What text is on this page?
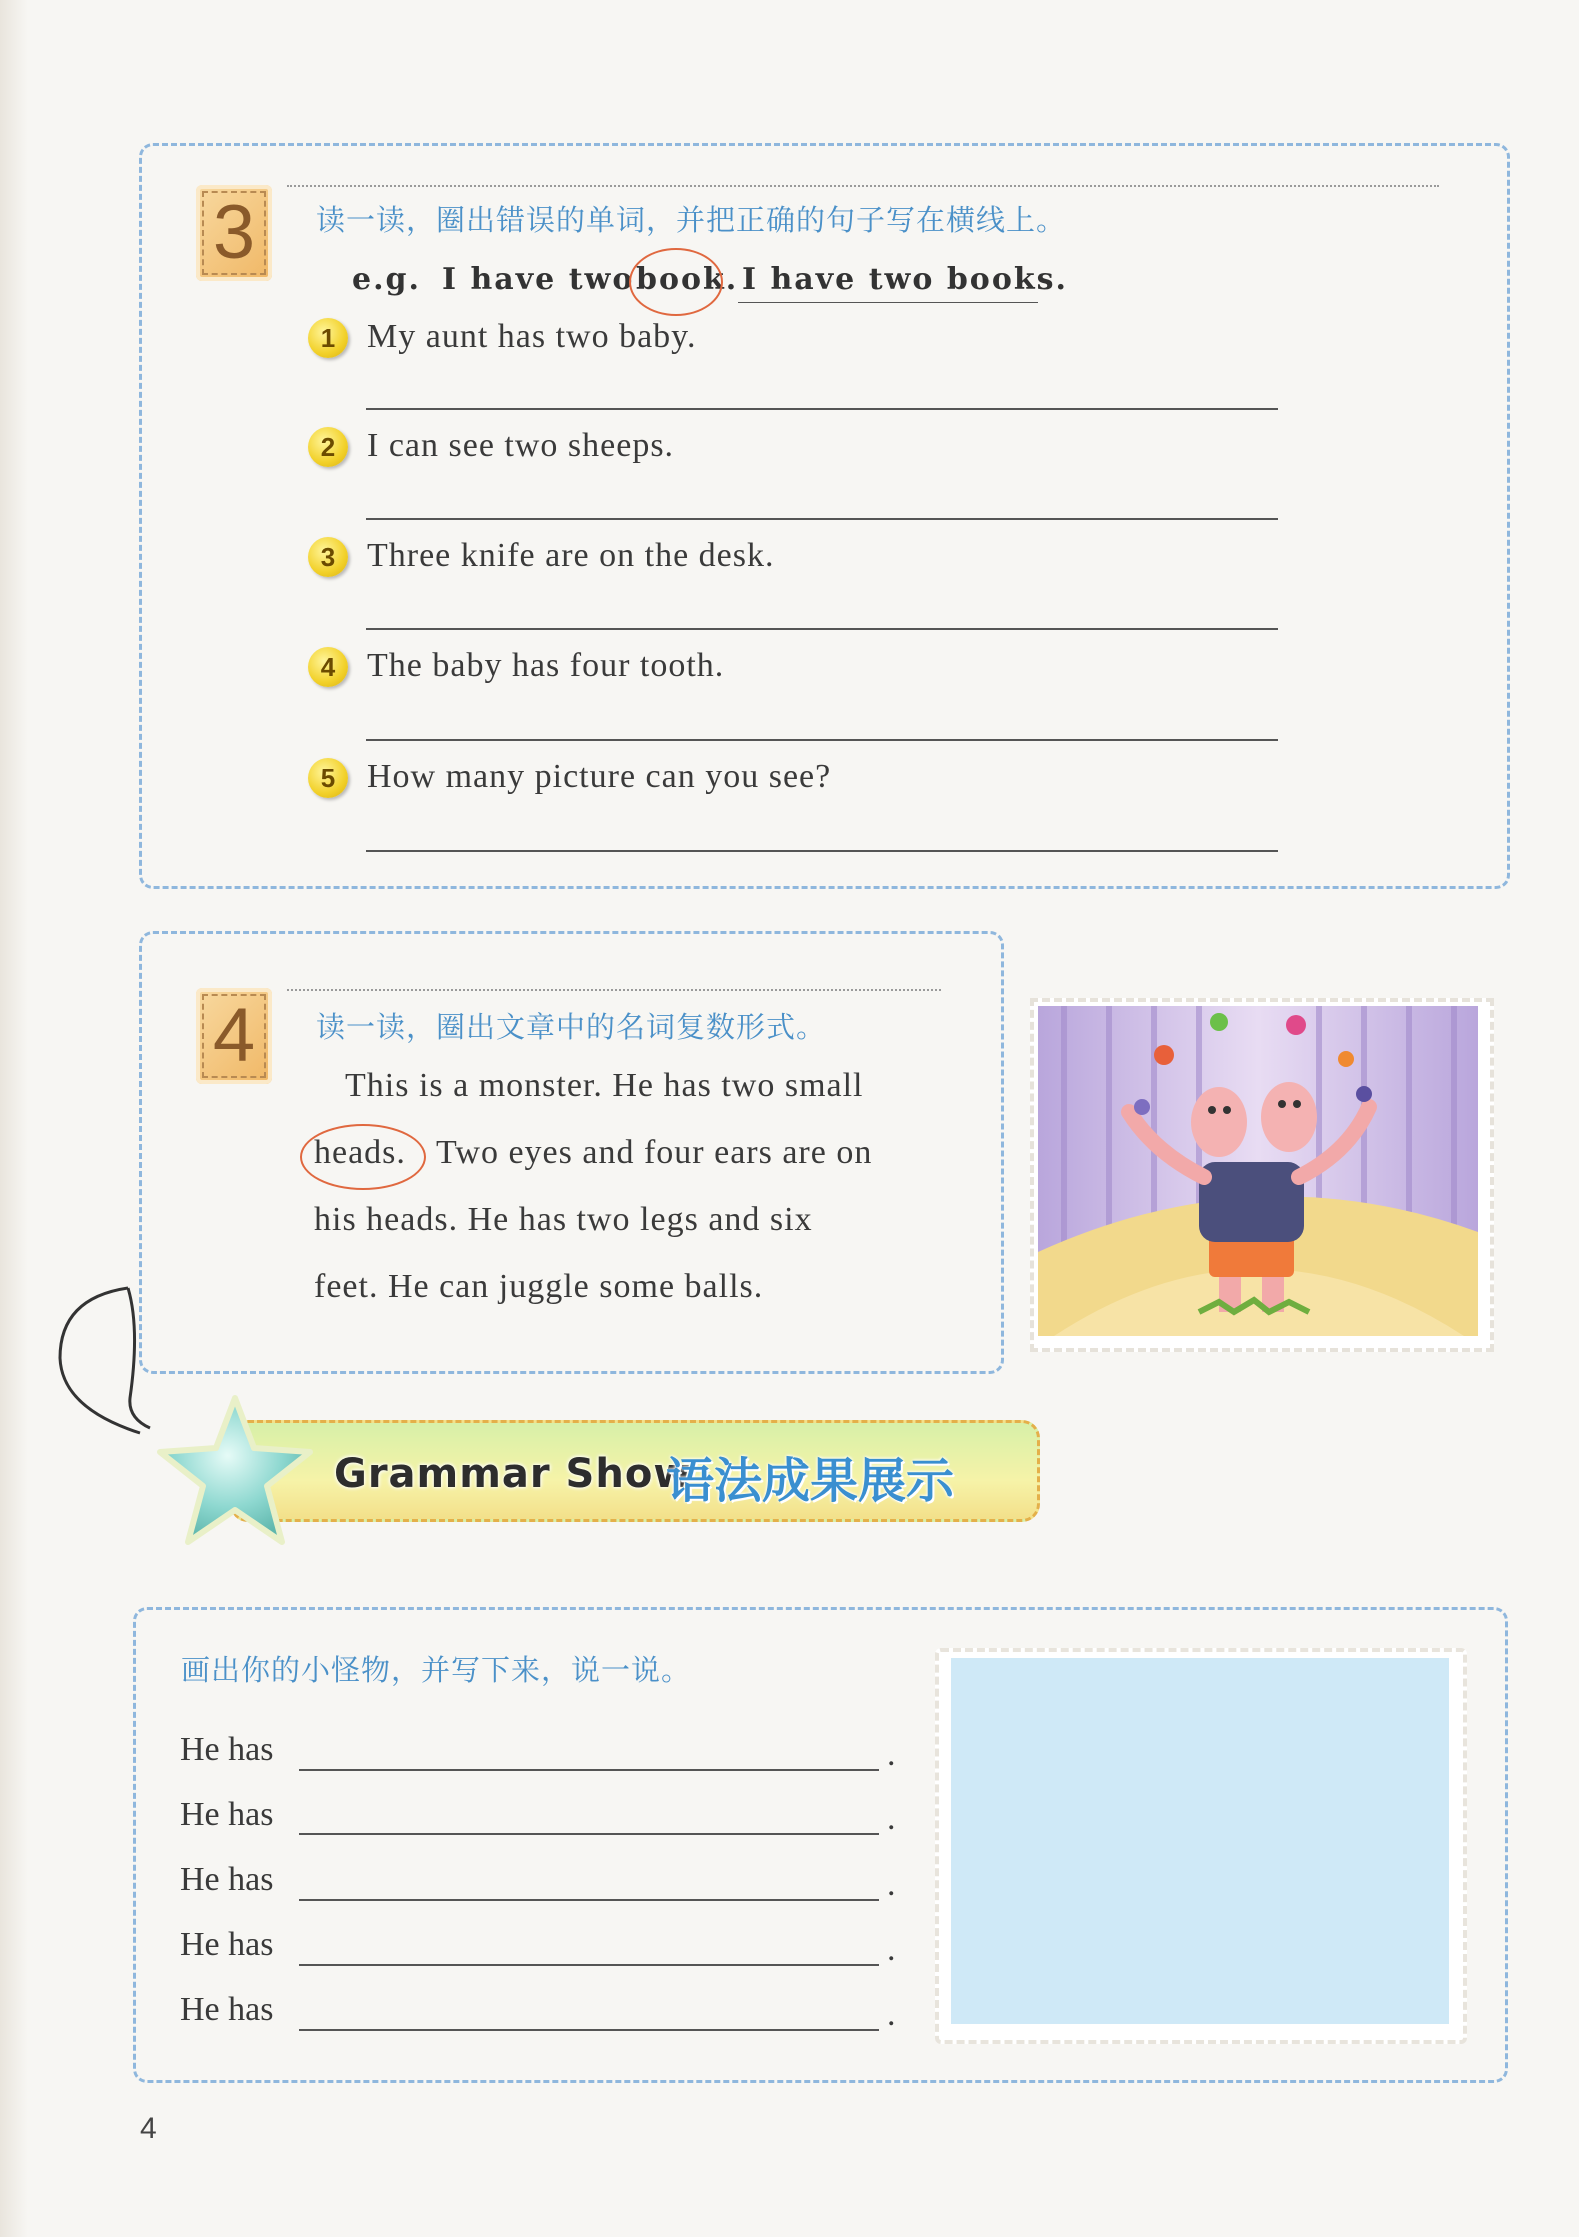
3	读一读，圈出错误的单词，并把正确的句子写在横线上。
e.g. I have two book. I have two books.
1 My aunt has two baby.
2 I can see two sheeps.
3 Three knife are on the desk.
4 The baby has four tooth.
5 How many picture can you see?
4	读一读，圈出文章中的名词复数形式。
This is a monster. He has two small
heads. Two eyes and four ears are on
his heads. He has two legs and six
feet. He can juggle some balls.
Grammar Show
语法成果展示
画出你的小怪物，并写下来，说一说。
He has	.
He has	.
He has	.
He has	.
He has	.
4
